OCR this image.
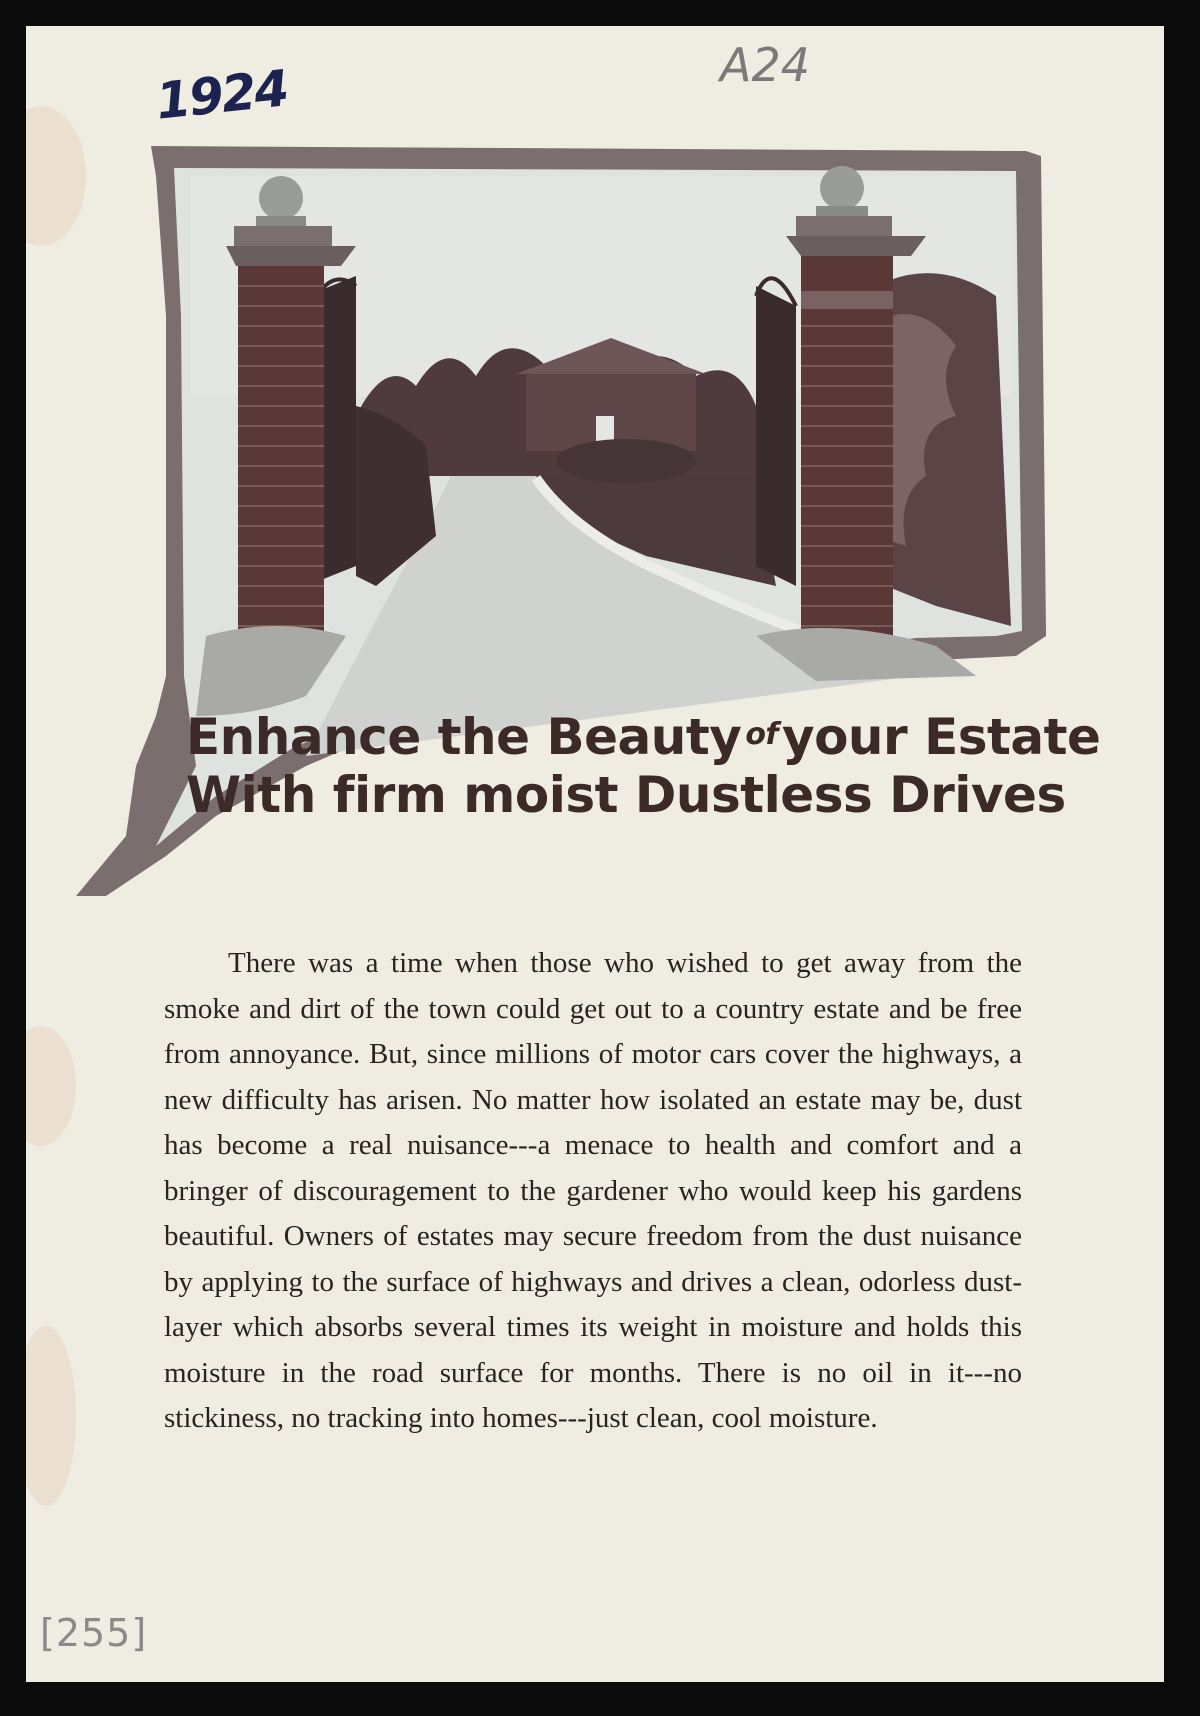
1924	A24
Enhance the Beauty $^{of}$your Estate
With firm moist Dustless Drives

There was a time when those who wished to get away from the smoke and dirt of the town could get out to a country estate and be free from annoyance. But, since millions of motor cars cover the highways, a new difficulty has arisen. No matter how isolated an estate may be, dust has become a real nuisance---a menace to health and comfort and a bringer of discouragement to the gardener who would keep his gardens beautiful. Owners of estates may secure freedom from the dust nuisance by applying to the surface of highways and drives a clean, odorless dust-layer which absorbs several times its weight in moisture and holds this moisture in the road surface for months. There is no oil in it---no stickiness, no tracking into homes---just clean, cool moisture.

[255]
